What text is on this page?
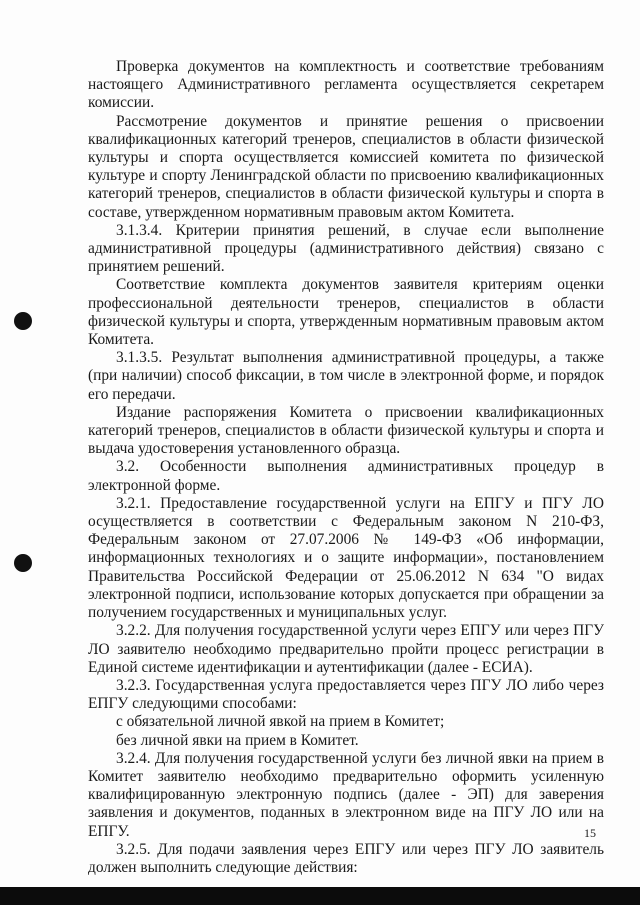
Проверка документов на комплектность и соответствие требованиям настоящего Административного регламента осуществляется секретарем комиссии.

Рассмотрение документов и принятие решения о присвоении квалификационных категорий тренеров, специалистов в области физической культуры и спорта осуществляется комиссией комитета по физической культуре и спорту Ленинградской области по присвоению квалификационных категорий тренеров, специалистов в области физической культуры и спорта в составе, утвержденном нормативным правовым актом Комитета.

3.1.3.4. Критерии принятия решений, в случае если выполнение административной процедуры (административного действия) связано с принятием решений.

Соответствие комплекта документов заявителя критериям оценки профессиональной деятельности тренеров, специалистов в области физической культуры и спорта, утвержденным нормативным правовым актом Комитета.

3.1.3.5. Результат выполнения административной процедуры, а также (при наличии) способ фиксации, в том числе в электронной форме, и порядок его передачи.

Издание распоряжения Комитета о присвоении квалификационных категорий тренеров, специалистов в области физической культуры и спорта и выдача удостоверения установленного образца.

3.2. Особенности выполнения административных процедур в электронной форме.

3.2.1. Предоставление государственной услуги на ЕПГУ и ПГУ ЛО осуществляется в соответствии с Федеральным законом N 210-ФЗ, Федеральным законом от 27.07.2006 № 149-ФЗ «Об информации, информационных технологиях и о защите информации», постановлением Правительства Российской Федерации от 25.06.2012 N 634 "О видах электронной подписи, использование которых допускается при обращении за получением государственных и муниципальных услуг.

3.2.2. Для получения государственной услуги через ЕПГУ или через ПГУ ЛО заявителю необходимо предварительно пройти процесс регистрации в Единой системе идентификации и аутентификации (далее - ЕСИА).

3.2.3. Государственная услуга предоставляется через ПГУ ЛО либо через ЕПГУ следующими способами:

с обязательной личной явкой на прием в Комитет;

без личной явки на прием в Комитет.

3.2.4. Для получения государственной услуги без личной явки на прием в Комитет заявителю необходимо предварительно оформить усиленную квалифицированную электронную подпись (далее - ЭП) для заверения заявления и документов, поданных в электронном виде на ПГУ ЛО или на ЕПГУ.

3.2.5. Для подачи заявления через ЕПГУ или через ПГУ ЛО заявитель должен выполнить следующие действия:

15
